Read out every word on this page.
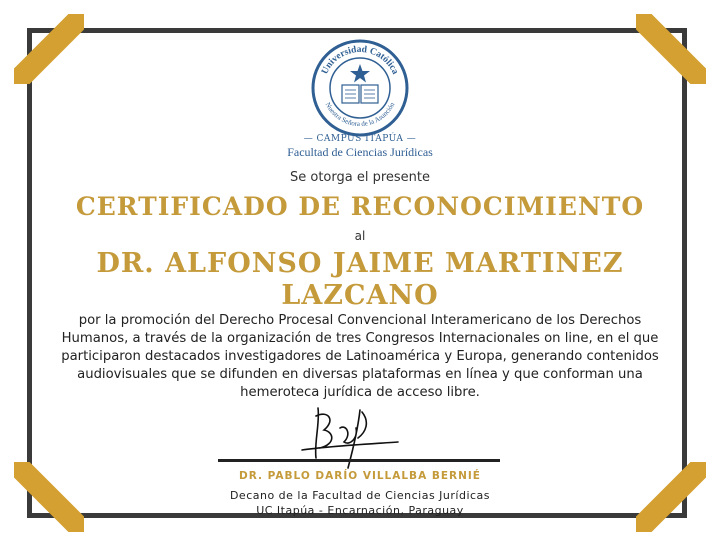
Universidad Católica
Nuestra Señora de la Asunción
— CAMPUS ITAPÚA —
Facultad de Ciencias Jurídicas
Se otorga el presente
CERTIFICADO DE RECONOCIMIENTO
al
DR. ALFONSO JAIME MARTINEZ LAZCANO
por la promoción del Derecho Procesal Convencional Interamericano de los Derechos Humanos, a través de la organización de tres Congresos Internacionales on line, en el que participaron destacados investigadores de Latinoamérica y Europa, generando contenidos audiovisuales que se difunden en diversas plataformas en línea y que conforman una hemeroteca jurídica de acceso libre.
DR. PABLO DARÍO VILLALBA BERNIÉ
Decano de la Facultad de Ciencias Jurídicas
UC Itapúa - Encarnación, Paraguay
